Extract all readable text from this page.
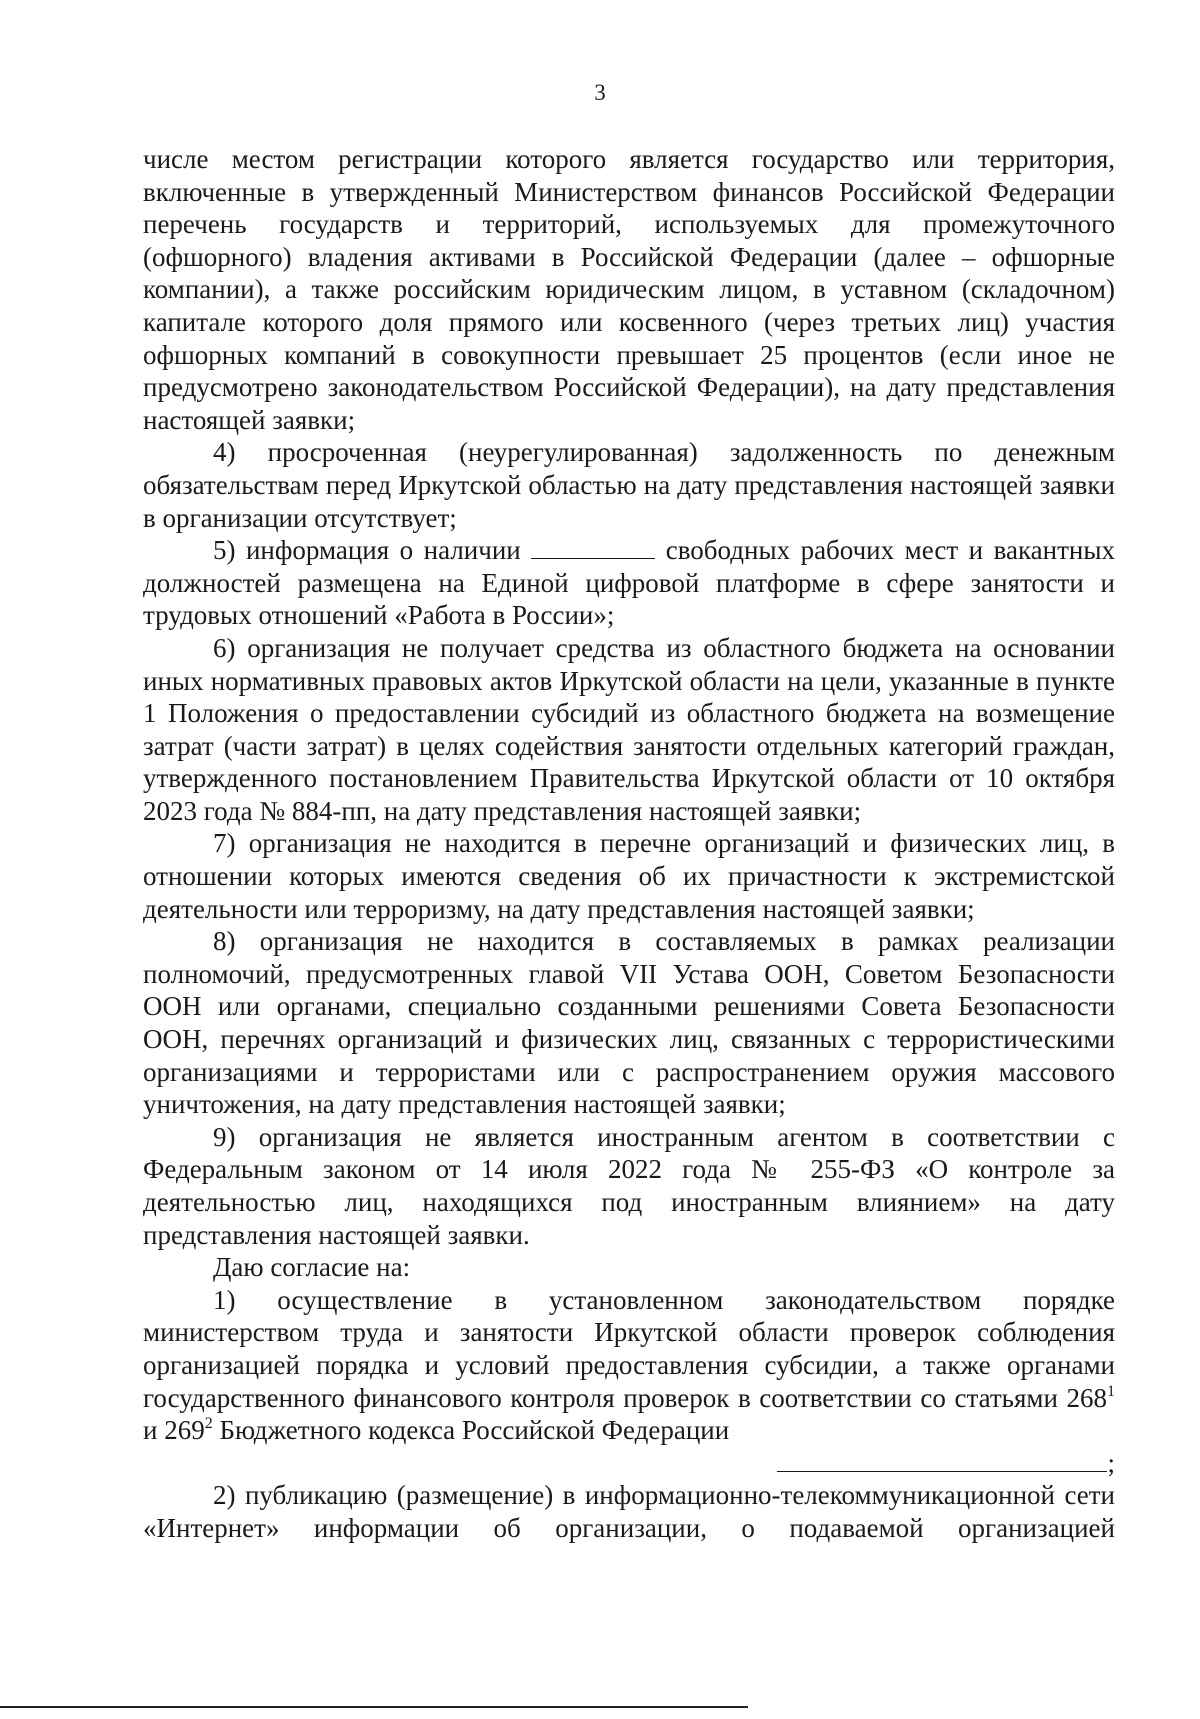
3

числе местом регистрации которого является государство или территория, включенные в утвержденный Министерством финансов Российской Федерации перечень государств и территорий, используемых для промежуточного (офшорного) владения активами в Российской Федерации (далее – офшорные компании), а также российским юридическим лицом, в уставном (складочном) капитале которого доля прямого или косвенного (через третьих лиц) участия офшорных компаний в совокупности превышает 25 процентов (если иное не предусмотрено законодательством Российской Федерации), на дату представления настоящей заявки;

4) просроченная (неурегулированная) задолженность по денежным обязательствам перед Иркутской областью на дату представления настоящей заявки в организации отсутствует;

5) информация о наличии	свободных рабочих мест и вакантных должностей размещена на Единой цифровой платформе в сфере занятости и трудовых отношений «Работа в России»;

6) организация не получает средства из областного бюджета на основании иных нормативных правовых актов Иркутской области на цели, указанные в пункте 1 Положения о предоставлении субсидий из областного бюджета на возмещение затрат (части затрат) в целях содействия занятости отдельных категорий граждан, утвержденного постановлением Правительства Иркутской области от 10 октября 2023 года № 884-пп, на дату представления настоящей заявки;

7) организация не находится в перечне организаций и физических лиц, в отношении которых имеются сведения об их причастности к экстремистской деятельности или терроризму, на дату представления настоящей заявки;

8) организация не находится в составляемых в рамках реализации полномочий, предусмотренных главой VII Устава ООН, Советом Безопасности ООН или органами, специально созданными решениями Совета Безопасности ООН, перечнях организаций и физических лиц, связанных с террористическими организациями и террористами или с распространением оружия массового уничтожения, на дату представления настоящей заявки;

9) организация не является иностранным агентом в соответствии с Федеральным законом от 14 июля 2022 года № 255-ФЗ «О контроле за деятельностью лиц, находящихся под иностранным влиянием» на дату представления настоящей заявки.

Даю согласие на:

1) осуществление в установленном законодательством порядке министерством труда и занятости Иркутской области проверок соблюдения организацией порядка и условий предоставления субсидии, а также органами государственного финансового контроля проверок в соответствии со статьями $268^1$ и $269^2$ Бюджетного кодекса Российской Федерации

;

2) публикацию (размещение) в информационно-телекоммуникационной сети «Интернет» информации об организации, о подаваемой организацией
